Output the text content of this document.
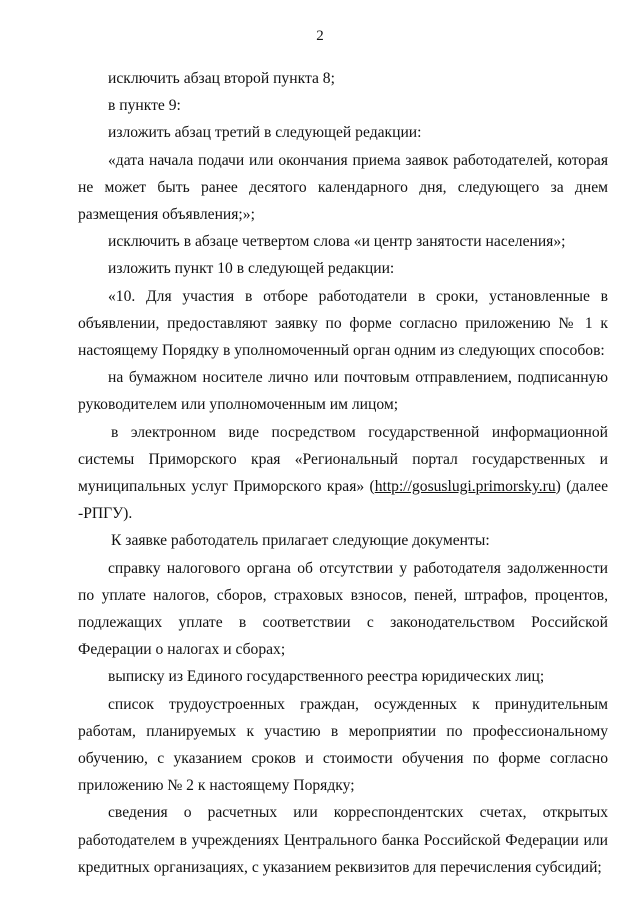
2

исключить абзац второй пункта 8;

в пункте 9:

изложить абзац третий в следующей редакции:

«дата начала подачи или окончания приема заявок работодателей, которая не может быть ранее десятого календарного дня, следующего за днем размещения объявления;»;

исключить в абзаце четвертом слова «и центр занятости населения»;

изложить пункт 10 в следующей редакции:

«10. Для участия в отборе работодатели в сроки, установленные в объявлении, предоставляют заявку по форме согласно приложению № 1 к настоящему Порядку в уполномоченный орган одним из следующих способов:

на бумажном носителе лично или почтовым отправлением, подписанную руководителем или уполномоченным им лицом;

в электронном виде посредством государственной информационной системы Приморского края «Региональный портал государственных и муниципальных услуг Приморского края» (http://gosuslugi.primorsky.ru) (далее -РПГУ).

К заявке работодатель прилагает следующие документы:

справку налогового органа об отсутствии у работодателя задолженности по уплате налогов, сборов, страховых взносов, пеней, штрафов, процентов, подлежащих уплате в соответствии с законодательством Российской Федерации о налогах и сборах;

выписку из Единого государственного реестра юридических лиц;

список трудоустроенных граждан, осужденных к принудительным работам, планируемых к участию в мероприятии по профессиональному обучению, с указанием сроков и стоимости обучения по форме согласно приложению № 2 к настоящему Порядку;

сведения о расчетных или корреспондентских счетах, открытых работодателем в учреждениях Центрального банка Российской Федерации или кредитных организациях, с указанием реквизитов для перечисления субсидий;
